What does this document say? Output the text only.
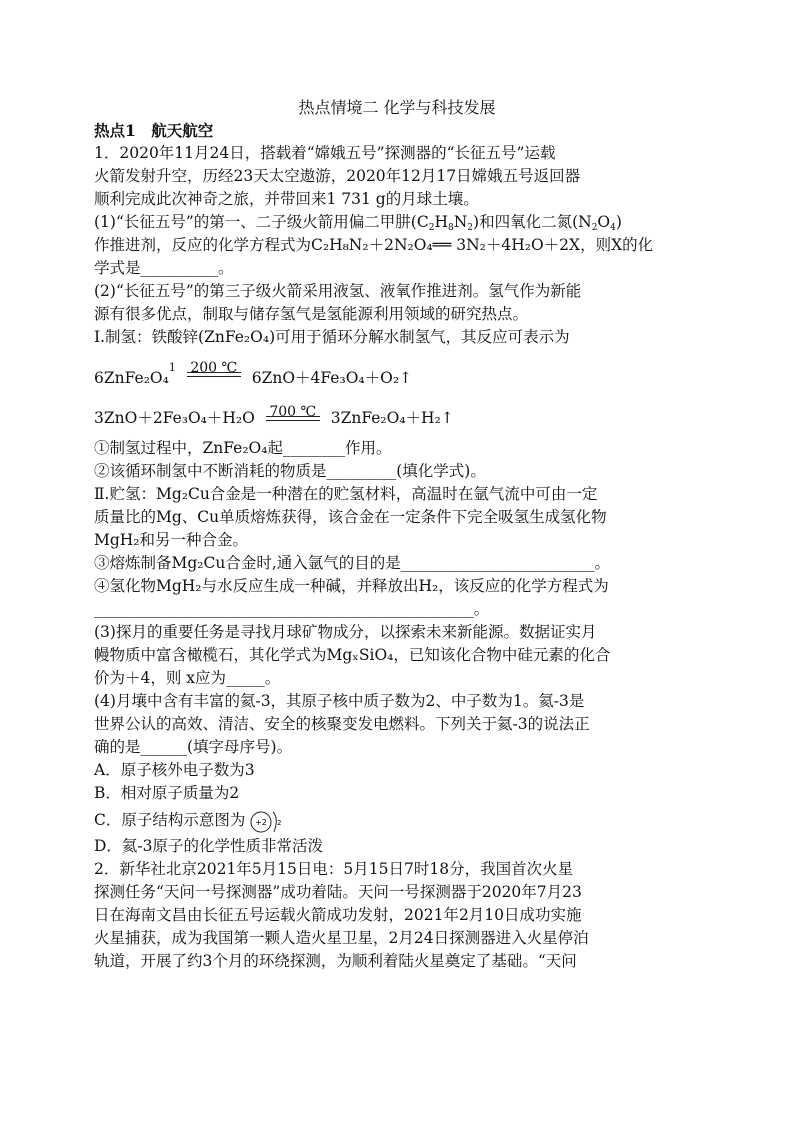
热点情境二 化学与科技发展
热点1　航天航空
1．2020年11月24日，搭载着“嫦娥五号”探测器的“长征五号”运载
火箭发射升空，历经23天太空遨游，2020年12月17日嫦娥五号返回器
顺利完成此次神奇之旅，并带回来1 731 g的月球土壤。
(1)“长征五号”的第一、二子级火箭用偏二甲肼$(C_2H_8N_2)$和四氧化二氮$(N_2O_4)$
作推进剂，反应的化学方程式为C₂H₈N₂＋2N₂O₄══ 3N₂＋4H₂O＋2X，则X的化
学式是__________。
(2)“长征五号”的第三子级火箭采用液氢、液氧作推进剂。氢气作为新能
源有很多优点，制取与储存氢气是氢能源利用领域的研究热点。
Ⅰ.制氢：铁酸锌(ZnFe₂O₄)可用于循环分解水制氢气，其反应可表示为
6ZnFe₂O₄$^1$	200 ℃
6ZnO＋4Fe₃O₄＋O₂↑
3ZnO＋2Fe₃O₄＋H₂O	700 ℃ 3ZnFe₂O₄＋H₂↑
①制氢过程中，ZnFe₂O₄起________作用。
②该循环制氢中不断消耗的物质是_________(填化学式)。
Ⅱ.贮氢：Mg₂Cu合金是一种潜在的贮氢材料，高温时在氩气流中可由一定
质量比的Mg、Cu单质熔炼获得，该合金在一定条件下完全吸氢生成氢化物
MgH₂和另一种合金。
③熔炼制备Mg₂Cu合金时,通入氩气的目的是_________________________。
④氢化物MgH₂与水反应生成一种碱，并释放出H₂，该反应的化学方程式为
_________________________________________________。
(3)探月的重要任务是寻找月球矿物成分，以探索未来新能源。数据证实月
幔物质中富含橄榄石，其化学式为MgₓSiO₄，已知该化合物中硅元素的化合
价为＋4，则 x应为_____。
(4)月壤中含有丰富的氦-3，其原子核中质子数为2、中子数为1。氦-3是
世界公认的高效、清洁、安全的核聚变发电燃料。下列关于氦-3的说法正
确的是______(填字母序号)。
A．原子核外电子数为3
B．相对原子质量为2
C．原子结构示意图为 +2 2
D．氦-3原子的化学性质非常活泼
2．新华社北京2021年5月15日电：5月15日7时18分，我国首次火星
探测任务“天问一号探测器”成功着陆。天问一号探测器于2020年7月23
日在海南文昌由长征五号运载火箭成功发射，2021年2月10日成功实施
火星捕获，成为我国第一颗人造火星卫星，2月24日探测器进入火星停泊
轨道，开展了约3个月的环绕探测，为顺利着陆火星奠定了基础。“天问
